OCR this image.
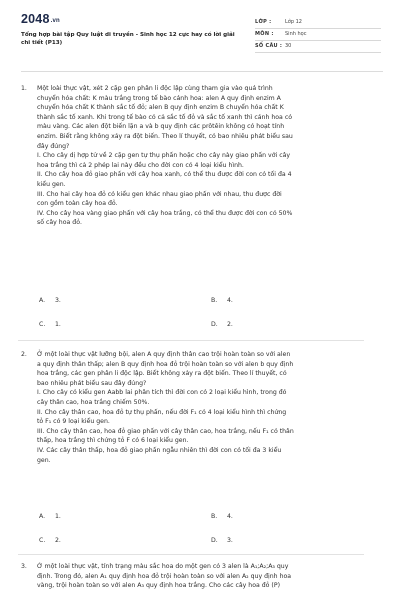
2048.vn
Tổng hợp bài tập Quy luật di truyền - Sinh học 12 cực hay có lời giải chi tiết (P13)
LỚP :	Lớp 12
MÔN : Sinh học
SỐ CÂU : 30
1. Một loài thực vật, xét 2 cặp gen phân li độc lập cùng tham gia vào quá trình

chuyển hóa chất: K màu trắng trong tế bào cánh hoa: alen A quy định enzim A

chuyển hóa chất K thành sắc tố đỏ; alen B quy định enzim B chuyển hóa chất K

thành sắc tố xanh. Khi trong tế bào có cả sắc tố đỏ và sắc tố xanh thì cánh hoa có

màu vàng. Các alen đột biến lặn a và b quy định các prôtêin không có hoạt tính

enzim. Biết rằng không xảy ra đột biến. Theo lí thuyết, có bao nhiêu phát biểu sau

đây đúng?

I. Cho cây dị hợp tử về 2 cặp gen tự thụ phấn hoặc cho cây này giao phấn với cây

hoa trắng thì cả 2 phép lai này đều cho đời con có 4 loại kiểu hình.

II. Cho cây hoa đỏ giao phấn với cây hoa xanh, có thể thu được đời con có tối đa 4

kiểu gen.

III. Cho hai cây hoa đỏ có kiểu gen khác nhau giao phấn với nhau, thu được đời

con gồm toàn cây hoa đỏ.

IV. Cho cây hoa vàng giao phấn với cây hoa trắng, có thể thu được đời con có 50%

số cây hoa đỏ.

A. 3.	B. 4.
C. 1.	D. 2.
2. Ở một loài thực vật lưỡng bội, alen A quy định thân cao trội hoàn toàn so với alen

a quy định thân thấp; alen B quy định hoa đỏ trội hoàn toàn so với alen b quy định

hoa trắng, các gen phân li độc lập. Biết không xảy ra đột biến. Theo lí thuyết, có

bao nhiêu phát biểu sau đây đúng?

I. Cho cây có kiểu gen Aabb lai phân tích thì đời con có 2 loại kiểu hình, trong đó

cây thân cao, hoa trắng chiếm 50%.

II. Cho cây thân cao, hoa đỏ tự thụ phấn, nếu đời F₁ có 4 loại kiểu hình thì chứng

tỏ F₁ có 9 loại kiểu gen.

III. Cho cây thân cao, hoa đỏ giao phấn với cây thân cao, hoa trắng, nếu F₁ có thân

thấp, hoa trắng thì chứng tỏ F có 6 loại kiểu gen.

IV. Các cây thân thấp, hoa đỏ giao phấn ngẫu nhiên thì đời con có tối đa 3 kiểu

gen.

A. 1.	B. 4.
C. 2.	D. 3.
3. Ở một loài thực vật, tính trạng màu sắc hoa do một gen có 3 alen là A₁;A₂;A₃ quy

định. Trong đó, alen A₁ quy định hoa đỏ trội hoàn toàn so với alen A₂ quy định hoa

vàng, trội hoàn toàn so với alen A₃ quy định hoa trắng. Cho các cây hoa đỏ (P)
